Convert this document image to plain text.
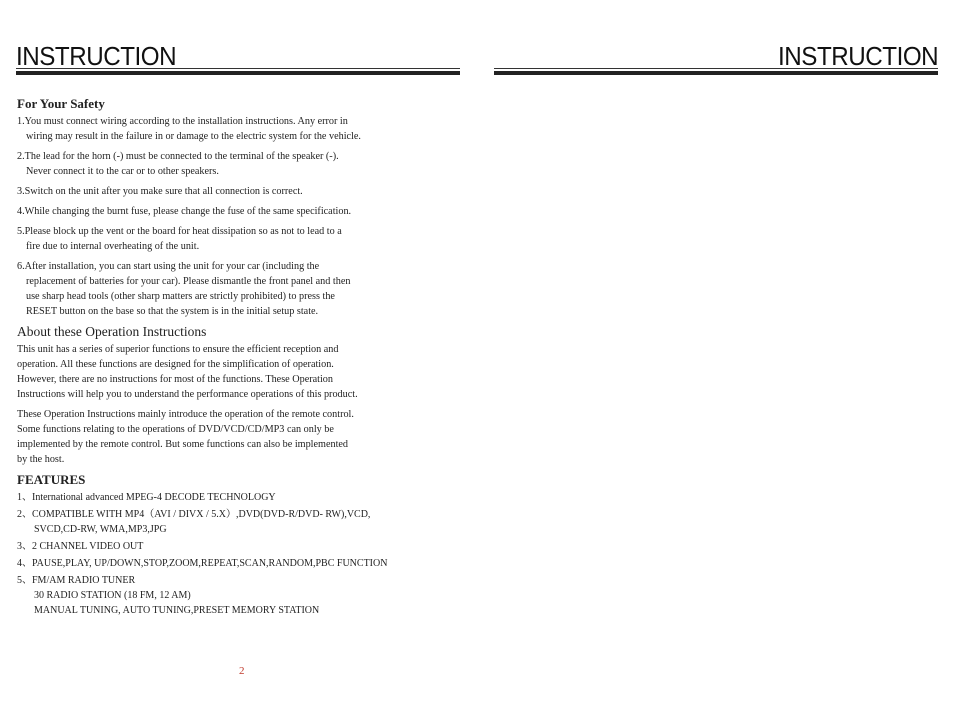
INSTRUCTION	INSTRUCTION
For Your Safety
1.You must connect wiring according to the installation instructions. Any error in
wiring may result in the failure in or damage to the electric system for the vehicle.
2.The lead for the horn (-) must be connected to the terminal of the speaker (-).
Never connect it to the car or to other speakers.
3.Switch on the unit after you make sure that all connection is correct.
4.While changing the burnt fuse, please change the fuse of the same specification.
5.Please block up the vent or the board for heat dissipation so as not to lead to a
fire due to internal overheating of the unit.
6.After installation, you can start using the unit for your car (including the
replacement of batteries for your car). Please dismantle the front panel and then
use sharp head tools (other sharp matters are strictly prohibited) to press the
RESET button on the base so that the system is in the initial setup state.
About these Operation Instructions
This unit has a series of superior functions to ensure the efficient reception and
operation. All these functions are designed for the simplification of operation.
However, there are no instructions for most of the functions. These Operation
Instructions will help you to understand the performance operations of this product.
These Operation Instructions mainly introduce the operation of the remote control.
Some functions relating to the operations of DVD/VCD/CD/MP3 can only be
implemented by the remote control. But some functions can also be implemented
by the host.
FEATURES
1、International advanced MPEG-4 DECODE TECHNOLOGY
2、COMPATIBLE WITH MP4（AVI / DIVX / 5.X）,DVD(DVD-R/DVD- RW),VCD,
SVCD,CD-RW, WMA,MP3,JPG
3、2 CHANNEL VIDEO OUT
4、PAUSE,PLAY, UP/DOWN,STOP,ZOOM,REPEAT,SCAN,RANDOM,PBC FUNCTION
5、FM/AM RADIO TUNER
30 RADIO STATION (18 FM, 12 AM)
MANUAL TUNING, AUTO TUNING,PRESET MEMORY STATION
2
